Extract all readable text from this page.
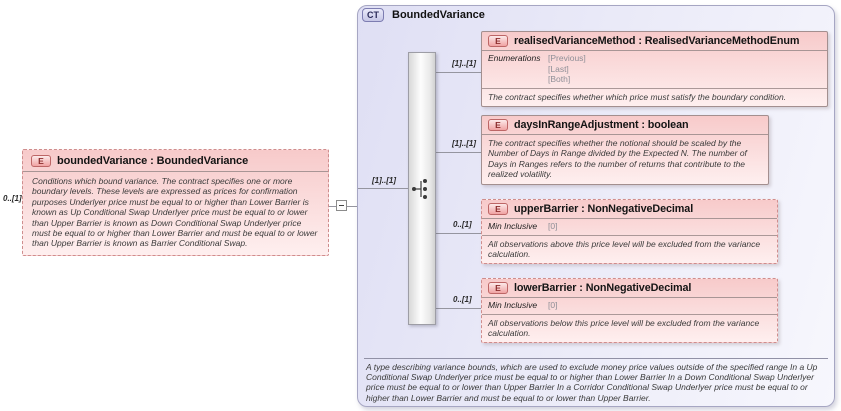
CT	BoundedVariance
0..[1]
[1]..[1]
[1]..[1]
[1]..[1]
0..[1]
0..[1]
E	boundedVariance : BoundedVariance
Conditions which bound variance. The contract specifies one or more boundary levels. These levels are expressed as prices for confirmation purposes Underlyer price must be equal to or higher than Lower Barrier is known as Up Conditional Swap Underlyer price must be equal to or lower than Upper Barrier is known as Down Conditional Swap Underlyer price must be equal to or higher than Lower Barrier and must be equal to or lower than Upper Barrier is known as Barrier Conditional Swap.
E	realisedVarianceMethod : RealisedVarianceMethodEnum
Enumerations [Previous]
[Last]
[Both]
The contract specifies whether which price must satisfy the boundary condition.
E	daysInRangeAdjustment : boolean
The contract specifies whether the notional should be scaled by the Number of Days in Range divided by the Expected N. The number of Days in Ranges refers to the number of returns that contribute to the realized volatility.
E	upperBarrier : NonNegativeDecimal
Min Inclusive	[0]
All observations above this price level will be excluded from the variance calculation.
E	lowerBarrier : NonNegativeDecimal
Min Inclusive	[0]
All observations below this price level will be excluded from the variance calculation.
A type describing variance bounds, which are used to exclude money price values outside of the specified range In a Up Conditional Swap Underlyer price must be equal to or higher than Lower Barrier In a Down Conditional Swap Underlyer price must be equal to or lower than Upper Barrier In a Corridor Conditional Swap Underlyer price must be equal to or higher than Lower Barrier and must be equal to or lower than Upper Barrier.
